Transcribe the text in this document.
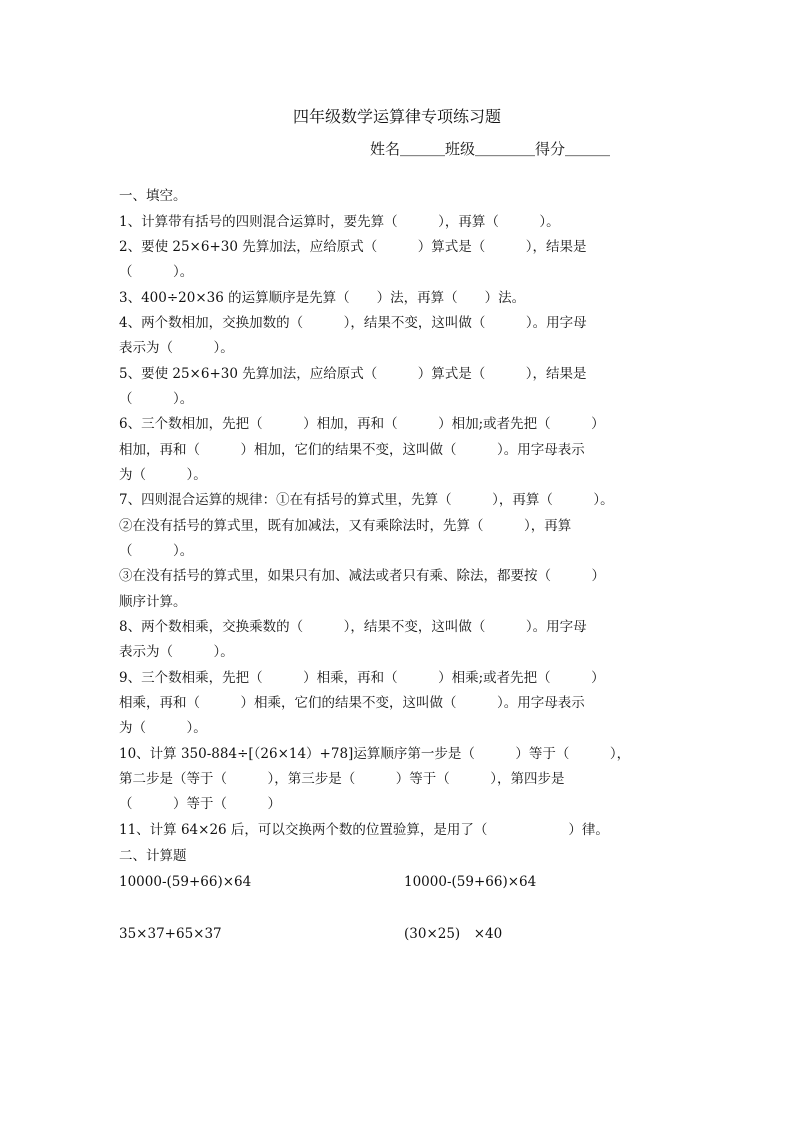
四年级数学运算律专项练习题
姓名＿＿＿班级＿＿＿＿得分＿＿＿
一、填空。
1、计算带有括号的四则混合运算时，要先算（　　　），再算（　　　）。
2、要使 25×6+30 先算加法，应给原式（　　　）算式是（　　　），结果是
（　　　）。
3、400÷20×36 的运算顺序是先算（　　）法，再算（　　）法。
4、两个数相加，交换加数的（　　　），结果不变，这叫做（　　　）。用字母
表示为（　　　）。
5、要使 25×6+30 先算加法，应给原式（　　　）算式是（　　　），结果是
（　　　）。
6、三个数相加，先把（　　　）相加，再和（　　　）相加;或者先把（　　　）
相加，再和（　　　）相加，它们的结果不变，这叫做（　　　）。用字母表示
为（　　　）。
7、四则混合运算的规律：①在有括号的算式里，先算（　　　），再算（　　　）。
②在没有括号的算式里，既有加减法，又有乘除法时，先算（　　　），再算
（　　　）。
③在没有括号的算式里，如果只有加、减法或者只有乘、除法，都要按（　　　）
顺序计算。
8、两个数相乘，交换乘数的（　　　），结果不变，这叫做（　　　）。用字母
表示为（　　　）。
9、三个数相乘，先把（　　　）相乘，再和（　　　）相乘;或者先把（　　　）
相乘，再和（　　　）相乘，它们的结果不变，这叫做（　　　）。用字母表示
为（　　　）。
10、计算 350-884÷[（26×14）+78]运算顺序第一步是（　　　）等于（　　　），
第二步是（等于（　　　），第三步是（　　　）等于（　　　），第四步是
（　　　）等于（　　　）
11、计算 64×26 后，可以交换两个数的位置验算，是用了（　　　　　　）律。
二、计算题
10000-(59+66)×64	10000-(59+66)×64
35×37+65×37	(30×25)　×40
